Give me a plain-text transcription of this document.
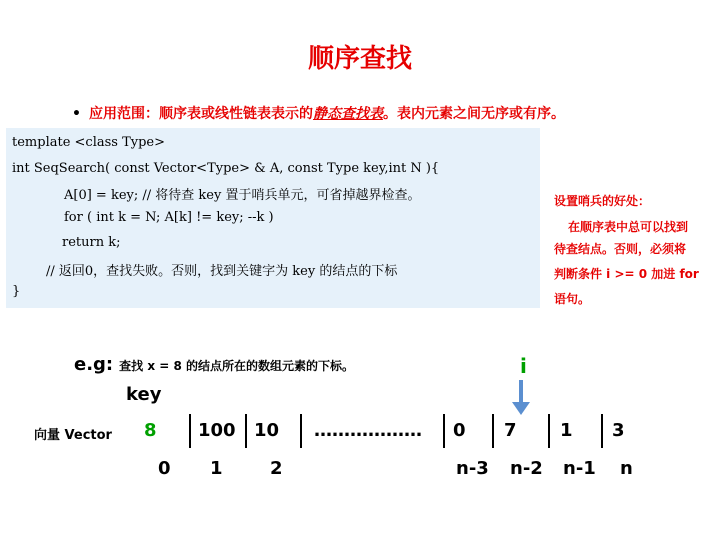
顺序查找
• 应用范围：顺序表或线性链表表示的静态查找表。表内元素之间无序或有序。
template <class Type>
int SeqSearch( const Vector<Type> & A, const Type key,int N ){
A[0] = key; // 将待查 key 置于哨兵单元，可省掉越界检查。
for ( int k = N; A[k] != key; --k )
return k;
// 返回0，查找失败。否则，找到关键字为 key 的结点的下标
}
设置哨兵的好处：
在顺序表中总可以找到
待查结点。否则，必须将
判断条件 i >= 0 加进 for
语句。
e.g: 查找 x = 8 的结点所在的数组元素的下标。	i
key
向量 Vector 8 100 10 ……………… 0 7 1 3
0 1	2	n-3 n-2 n-1 n
